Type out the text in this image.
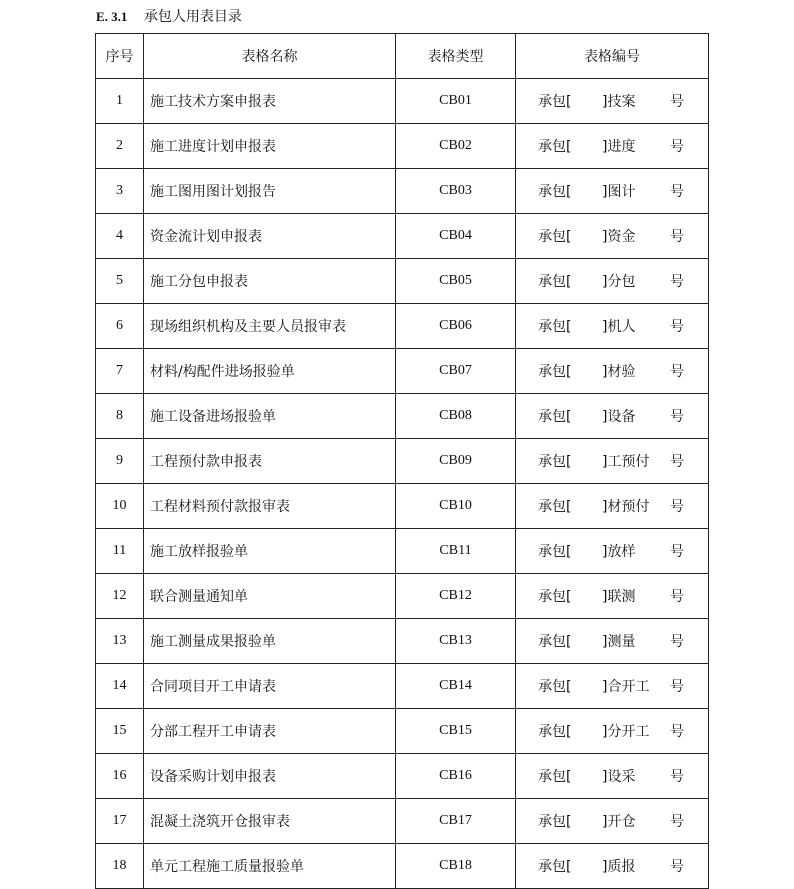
E. 3.1 承包人用表目录
序号	表格名称	表格类型	表格编号
1	施工技术方案申报表	CB01	承包[ ]技案 号

2	施工进度计划申报表	CB02	承包[ ]进度 号

3	施工图用图计划报告	CB03	承包[ ]图计 号

4	资金流计划申报表	CB04	承包[ ]资金 号

5	施工分包申报表	CB05	承包[ ]分包 号

6	现场组织机构及主要人员报审表	CB06	承包[ ]机人 号

7	材料/构配件进场报验单	CB07	承包[ ]材验 号

8	施工设备进场报验单	CB08	承包[ ]设备 号

9	工程预付款申报表	CB09	承包[ ]工预付 号

10	工程材料预付款报审表	CB10	承包[ ]材预付 号

11	施工放样报验单	CB11	承包[ ]放样 号

12	联合测量通知单	CB12	承包[ ]联测 号

13	施工测量成果报验单	CB13	承包[ ]测量 号

14	合同项目开工申请表	CB14	承包[ ]合开工 号

15	分部工程开工申请表	CB15	承包[ ]分开工 号

16	设备采购计划申报表	CB16	承包[ ]设采 号

17	混凝土浇筑开仓报审表	CB17	承包[ ]开仓 号

18	单元工程施工质量报验单	CB18	承包[ ]质报 号
